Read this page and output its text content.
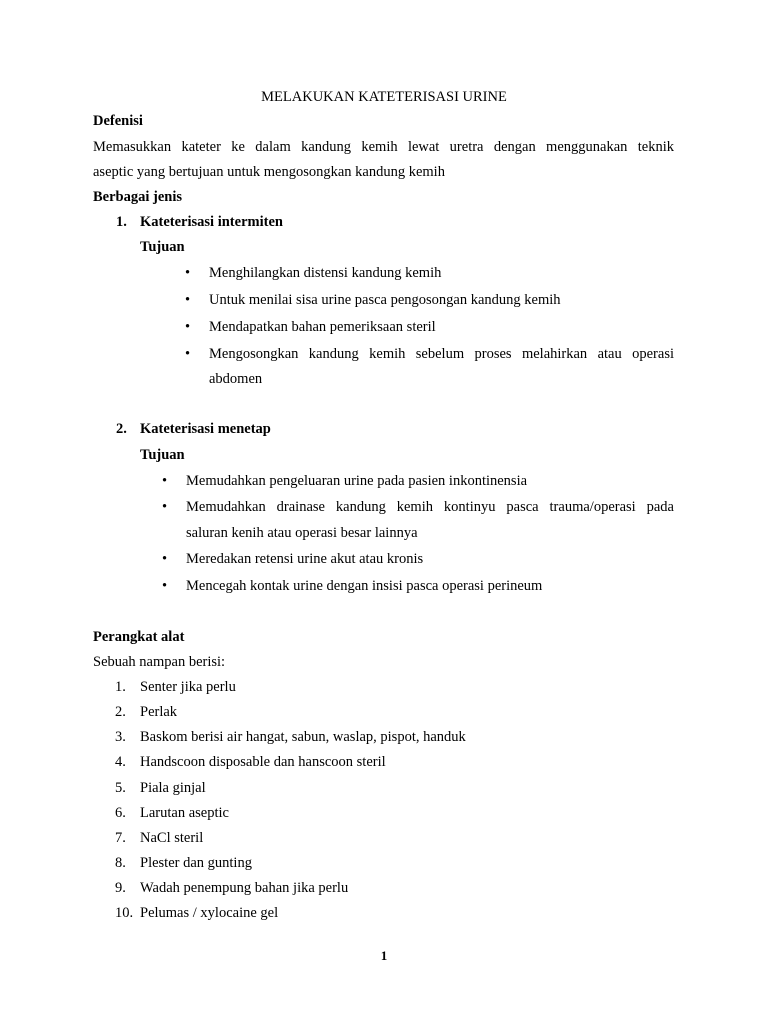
MELAKUKAN KATETERISASI URINE
Defenisi
Memasukkan kateter ke dalam kandung kemih lewat uretra dengan menggunakan teknik
aseptic yang bertujuan untuk mengosongkan kandung kemih
Berbagai jenis
1. Kateterisasi intermiten
Tujuan
• Menghilangkan distensi kandung kemih
• Untuk menilai sisa urine pasca pengosongan kandung kemih
• Mendapatkan bahan pemeriksaan steril
• Mengosongkan kandung kemih sebelum proses melahirkan atau operasi
abdomen
2. Kateterisasi menetap
Tujuan
• Memudahkan pengeluaran urine pada pasien inkontinensia
• Memudahkan drainase kandung kemih kontinyu pasca trauma/operasi pada
saluran kenih atau operasi besar lainnya
• Meredakan retensi urine akut atau kronis
• Mencegah kontak urine dengan insisi pasca operasi perineum
Perangkat alat
Sebuah nampan berisi:
1. Senter jika perlu
2. Perlak
3. Baskom berisi air hangat, sabun, waslap, pispot, handuk
4. Handscoon disposable dan hanscoon steril
5. Piala ginjal
6. Larutan aseptic
7. NaCl steril
8. Plester dan gunting
9. Wadah penempung bahan jika perlu
10. Pelumas / xylocaine gel
1
